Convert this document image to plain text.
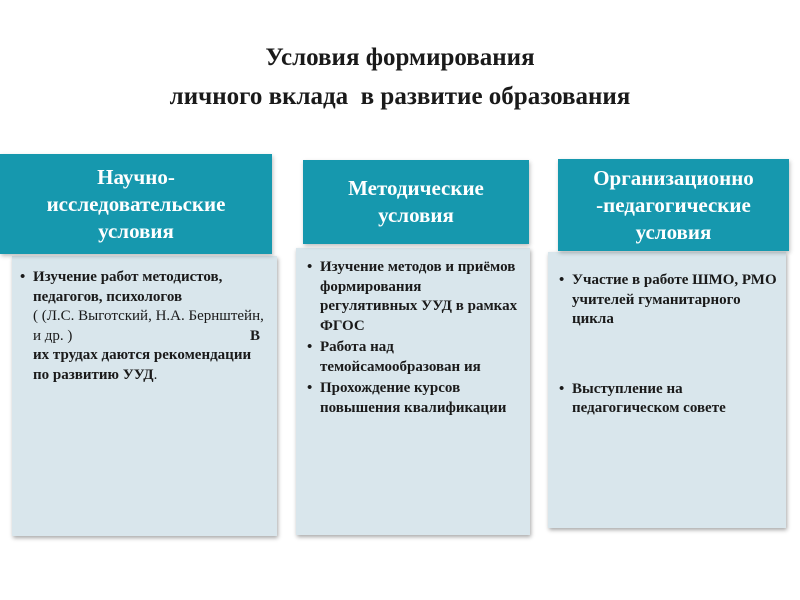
Условия формирования
личного вклада  в развитие образования
Научно-
исследовательские
условия
• Изучение работ методистов, педагогов, психологов
( (Л.С. Выготский, Н.А. Бернштейн, и др. )	В

их трудах даются рекомендации по развитию УУД.
Методические
условия
• Изучение методов и приёмов формирования регулятивных УУД в рамках ФГОС
• Работа над темойсамообразован ия
• Прохождение курсов повышения квалификации
Организационно
-педагогические
условия
• Участие в работе ШМО, РМО учителей гуманитарного цикла
• Выступление на педагогическом совете
